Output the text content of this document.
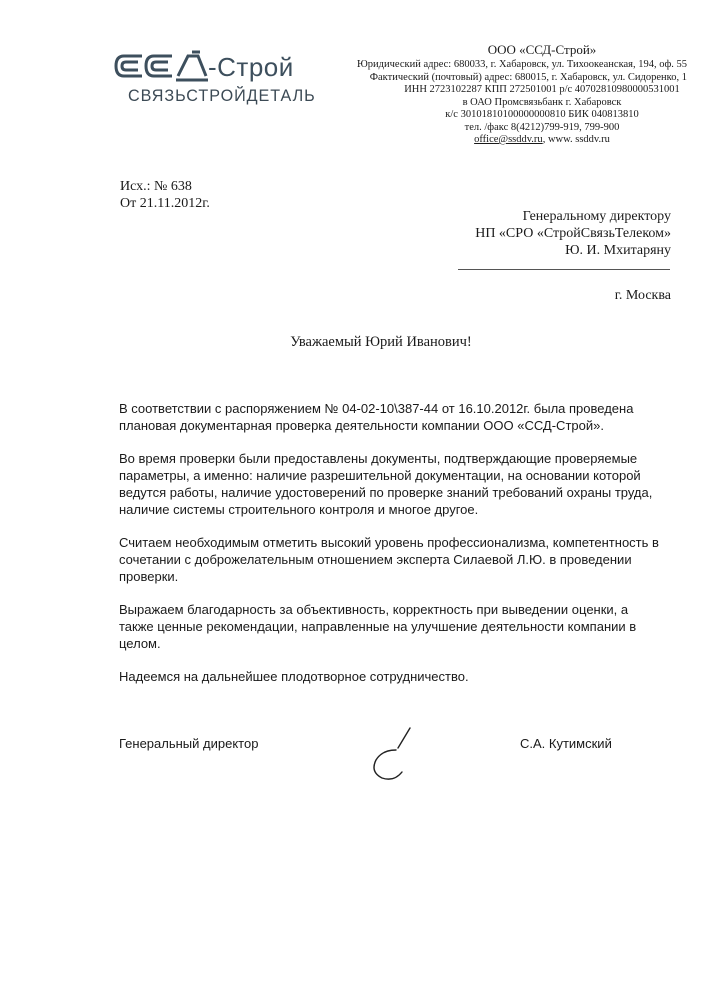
-Строй
СВЯЗЬСТРОЙДЕТАЛЬ
ООО «ССД-Строй»
Юридический адрес: 680033, г. Хабаровск, ул. Тихоокеанская, 194, оф. 55
Фактический (почтовый) адрес: 680015, г. Хабаровск, ул. Сидоренко, 1
ИНН 2723102287 КПП 272501001 р/с 40702810980000531001
в ОАО Промсвязьбанк г. Хабаровск
к/с 30101810100000000810 БИК 040813810
тел. /факс 8(4212)799-919, 799-900
office@ssddv.ru, www. ssddv.ru
Исх.: № 638
От 21.11.2012г.
Генеральному директору
НП «СРО «СтройСвязьТелеком»
Ю. И. Мхитаряну
г. Москва
Уважаемый Юрий Иванович!

В соответствии с распоряжением № 04-02-10\387-44 от 16.10.2012г. была проведена плановая документарная проверка деятельности компании ООО «ССД-Строй».

Во время проверки были предоставлены документы, подтверждающие проверяемые параметры, а именно: наличие разрешительной документации, на основании которой ведутся работы, наличие удостоверений по проверке знаний требований охраны труда, наличие системы строительного контроля и многое другое.

Считаем необходимым отметить высокий уровень профессионализма, компетентность в сочетании с доброжелательным отношением эксперта Силаевой Л.Ю. в проведении проверки.

Выражаем благодарность за объективность, корректность при выведении оценки, а также ценные рекомендации, направленные на улучшение деятельности компании в целом.

Надеемся на дальнейшее плодотворное сотрудничество.

Генеральный директор	С.А. Кутимский
